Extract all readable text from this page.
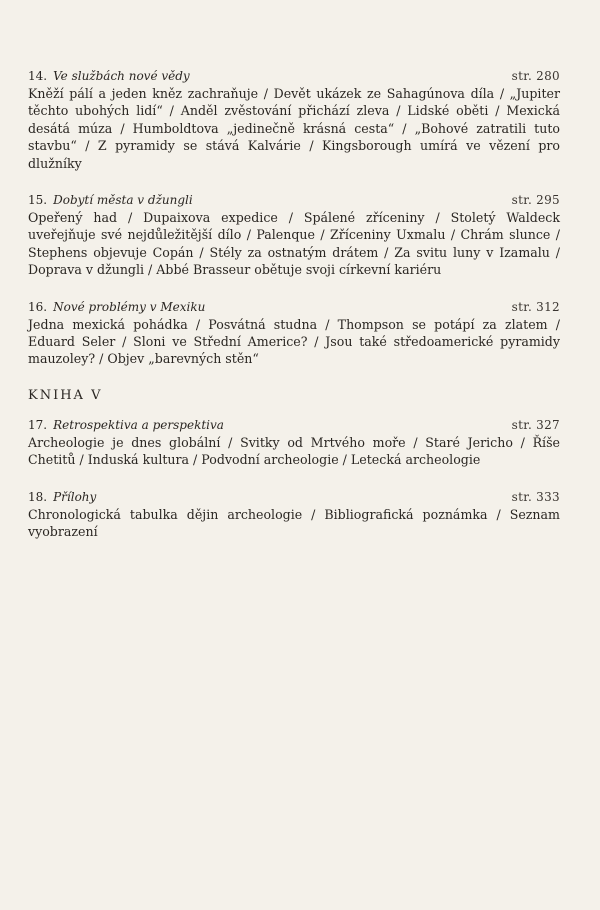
14. Ve službách nové vědy	str. 280
Kněží pálí a jeden kněz zachraňuje / Devět ukázek ze Sahagúnova díla / „Jupiter těchto ubohých lidí“ / Anděl zvěstování přichází zleva / Lidské oběti / Mexická desátá múza / Humboldtova „jedinečně krásná cesta“ / „Bohové zatratili tuto stavbu“ / Z pyramidy se stává Kalvárie / Kingsborough umírá ve vězení pro dlužníky
15. Dobytí města v džungli	str. 295
Opeřený had / Dupaixova expedice / Spálené zříceniny / Stoletý Waldeck uveřejňuje své nejdůležitější dílo / Palenque / Zříceniny Uxmalu / Chrám slunce / Stephens objevuje Copán / Stély za ostnatým drátem / Za svitu luny v Izamalu / Doprava v džungli / Abbé Brasseur obětuje svoji církevní kariéru
16. Nové problémy v Mexiku	str. 312
Jedna mexická pohádka / Posvátná studna / Thompson se potápí za zlatem / Eduard Seler / Sloni ve Střední Americe? / Jsou také středoamerické pyramidy mauzoley? / Objev „barevných stěn“
KNIHA V
17. Retrospektiva a perspektiva	str. 327
Archeologie je dnes globální / Svitky od Mrtvého moře / Staré Jericho / Říše Chetitů / Induská kultura / Podvodní archeologie / Letecká archeologie
18. Přílohy	str. 333
Chronologická tabulka dějin archeologie / Bibliografická poznámka / Seznam vyobrazení
